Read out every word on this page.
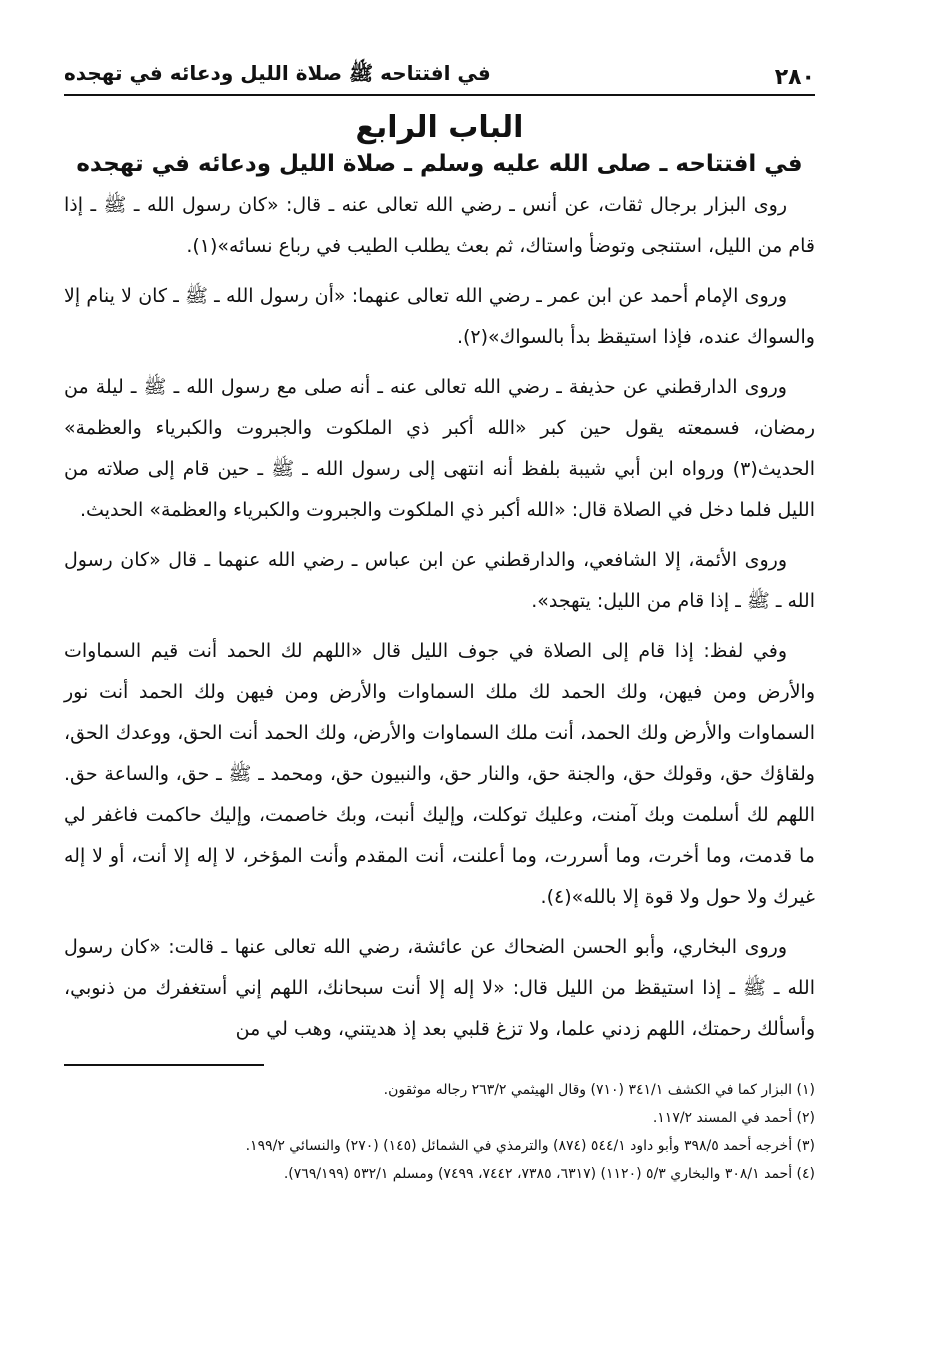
٢٨٠
في افتتاحه ﷺ صلاة الليل ودعائه في تهجده
الباب الرابع
في افتتاحه ـ صلى الله عليه وسلم ـ صلاة الليل ودعائه في تهجده

روى البزار برجال ثقات، عن أنس ـ رضي الله تعالى عنه ـ قال: «كان رسول الله ـ ﷺ ـ إذا قام من الليل، استنجى وتوضأ واستاك، ثم بعث يطلب الطيب في رباع نسائه»(١).

وروى الإمام أحمد عن ابن عمر ـ رضي الله تعالى عنهما: «أن رسول الله ـ ﷺ ـ كان لا ينام إلا والسواك عنده، فإذا استيقظ بدأ بالسواك»(٢).

وروى الدارقطني عن حذيفة ـ رضي الله تعالى عنه ـ أنه صلى مع رسول الله ـ ﷺ ـ ليلة من رمضان، فسمعته يقول حين كبر «الله أكبر ذي الملكوت والجبروت والكبرياء والعظمة» الحديث(٣) ورواه ابن أبي شيبة بلفظ أنه انتهى إلى رسول الله ـ ﷺ ـ حين قام إلى صلاته من الليل فلما دخل في الصلاة قال: «الله أكبر ذي الملكوت والجبروت والكبرياء والعظمة» الحديث.

وروى الأئمة، إلا الشافعي، والدارقطني عن ابن عباس ـ رضي الله عنهما ـ قال «كان رسول الله ـ ﷺ ـ إذا قام من الليل: يتهجد».

وفي لفظ: إذا قام إلى الصلاة في جوف الليل قال «اللهم لك الحمد أنت قيم السماوات والأرض ومن فيهن، ولك الحمد لك ملك السماوات والأرض ومن فيهن ولك الحمد أنت نور السماوات والأرض ولك الحمد، أنت ملك السماوات والأرض، ولك الحمد أنت الحق، ووعدك الحق، ولقاؤك حق، وقولك حق، والجنة حق، والنار حق، والنبيون حق، ومحمد ـ ﷺ ـ حق، والساعة حق. اللهم لك أسلمت وبك آمنت، وعليك توكلت، وإليك أنبت، وبك خاصمت، وإليك حاكمت فاغفر لي ما قدمت، وما أخرت، وما أسررت، وما أعلنت، أنت المقدم وأنت المؤخر، لا إله إلا أنت، أو لا إله غيرك ولا حول ولا قوة إلا بالله»(٤).

وروى البخاري، وأبو الحسن الضحاك عن عائشة، رضي الله تعالى عنها ـ قالت: «كان رسول الله ـ ﷺ ـ إذا استيقظ من الليل قال: «لا إله إلا أنت سبحانك، اللهم إني أستغفرك من ذنوبي، وأسألك رحمتك، اللهم زدني علما، ولا تزغ قلبي بعد إذ هديتني، وهب لي من

(١) البزار كما في الكشف ٣٤١/١ (٧١٠) وقال الهيثمي ٢٦٣/٢ رجاله موثقون.

(٢) أحمد في المسند ١١٧/٢.

(٣) أخرجه أحمد ٣٩٨/٥ وأبو داود ٥٤٤/١ (٨٧٤) والترمذي في الشمائل (١٤٥) (٢٧٠) والنسائي ١٩٩/٢.

(٤) أحمد ٣٠٨/١ والبخاري ٥/٣ (١١٢٠) (٦٣١٧، ٧٣٨٥، ٧٤٤٢، ٧٤٩٩) ومسلم ٥٣٢/١ (٧٦٩/١٩٩).
